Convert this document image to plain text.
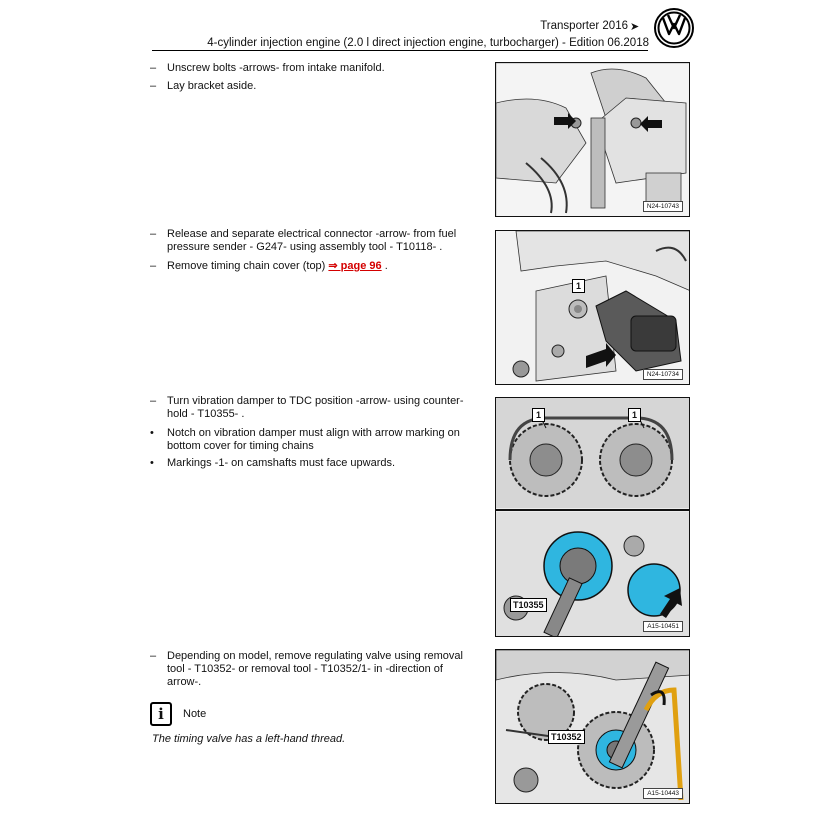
Transporter 2016 ➤
4-cylinder injection engine (2.0 l direct injection engine, turbocharger) - Edition 06.2018
– Unscrew bolts -arrows- from intake manifold.
– Lay bracket aside.
N24-10743
– Release and separate electrical connector -arrow- from fuel pressure sender - G247- using assembly tool - T10118- .
– Remove timing chain cover (top) ⇒ page 96 .
1
N24-10734
– Turn vibration damper to TDC position -arrow- using counter-hold - T10355- .
•	Notch on vibration damper must align with arrow marking on bottom cover for timing chains
•	Markings -1- on camshafts must face upwards.
1	1
T10355
A15-10451
– Depending on model, remove regulating valve using removal tool - T10352- or removal tool - T10352/1- in -direction of arrow-.
i	Note
The timing valve has a left-hand thread.	T10352
A15-10443
